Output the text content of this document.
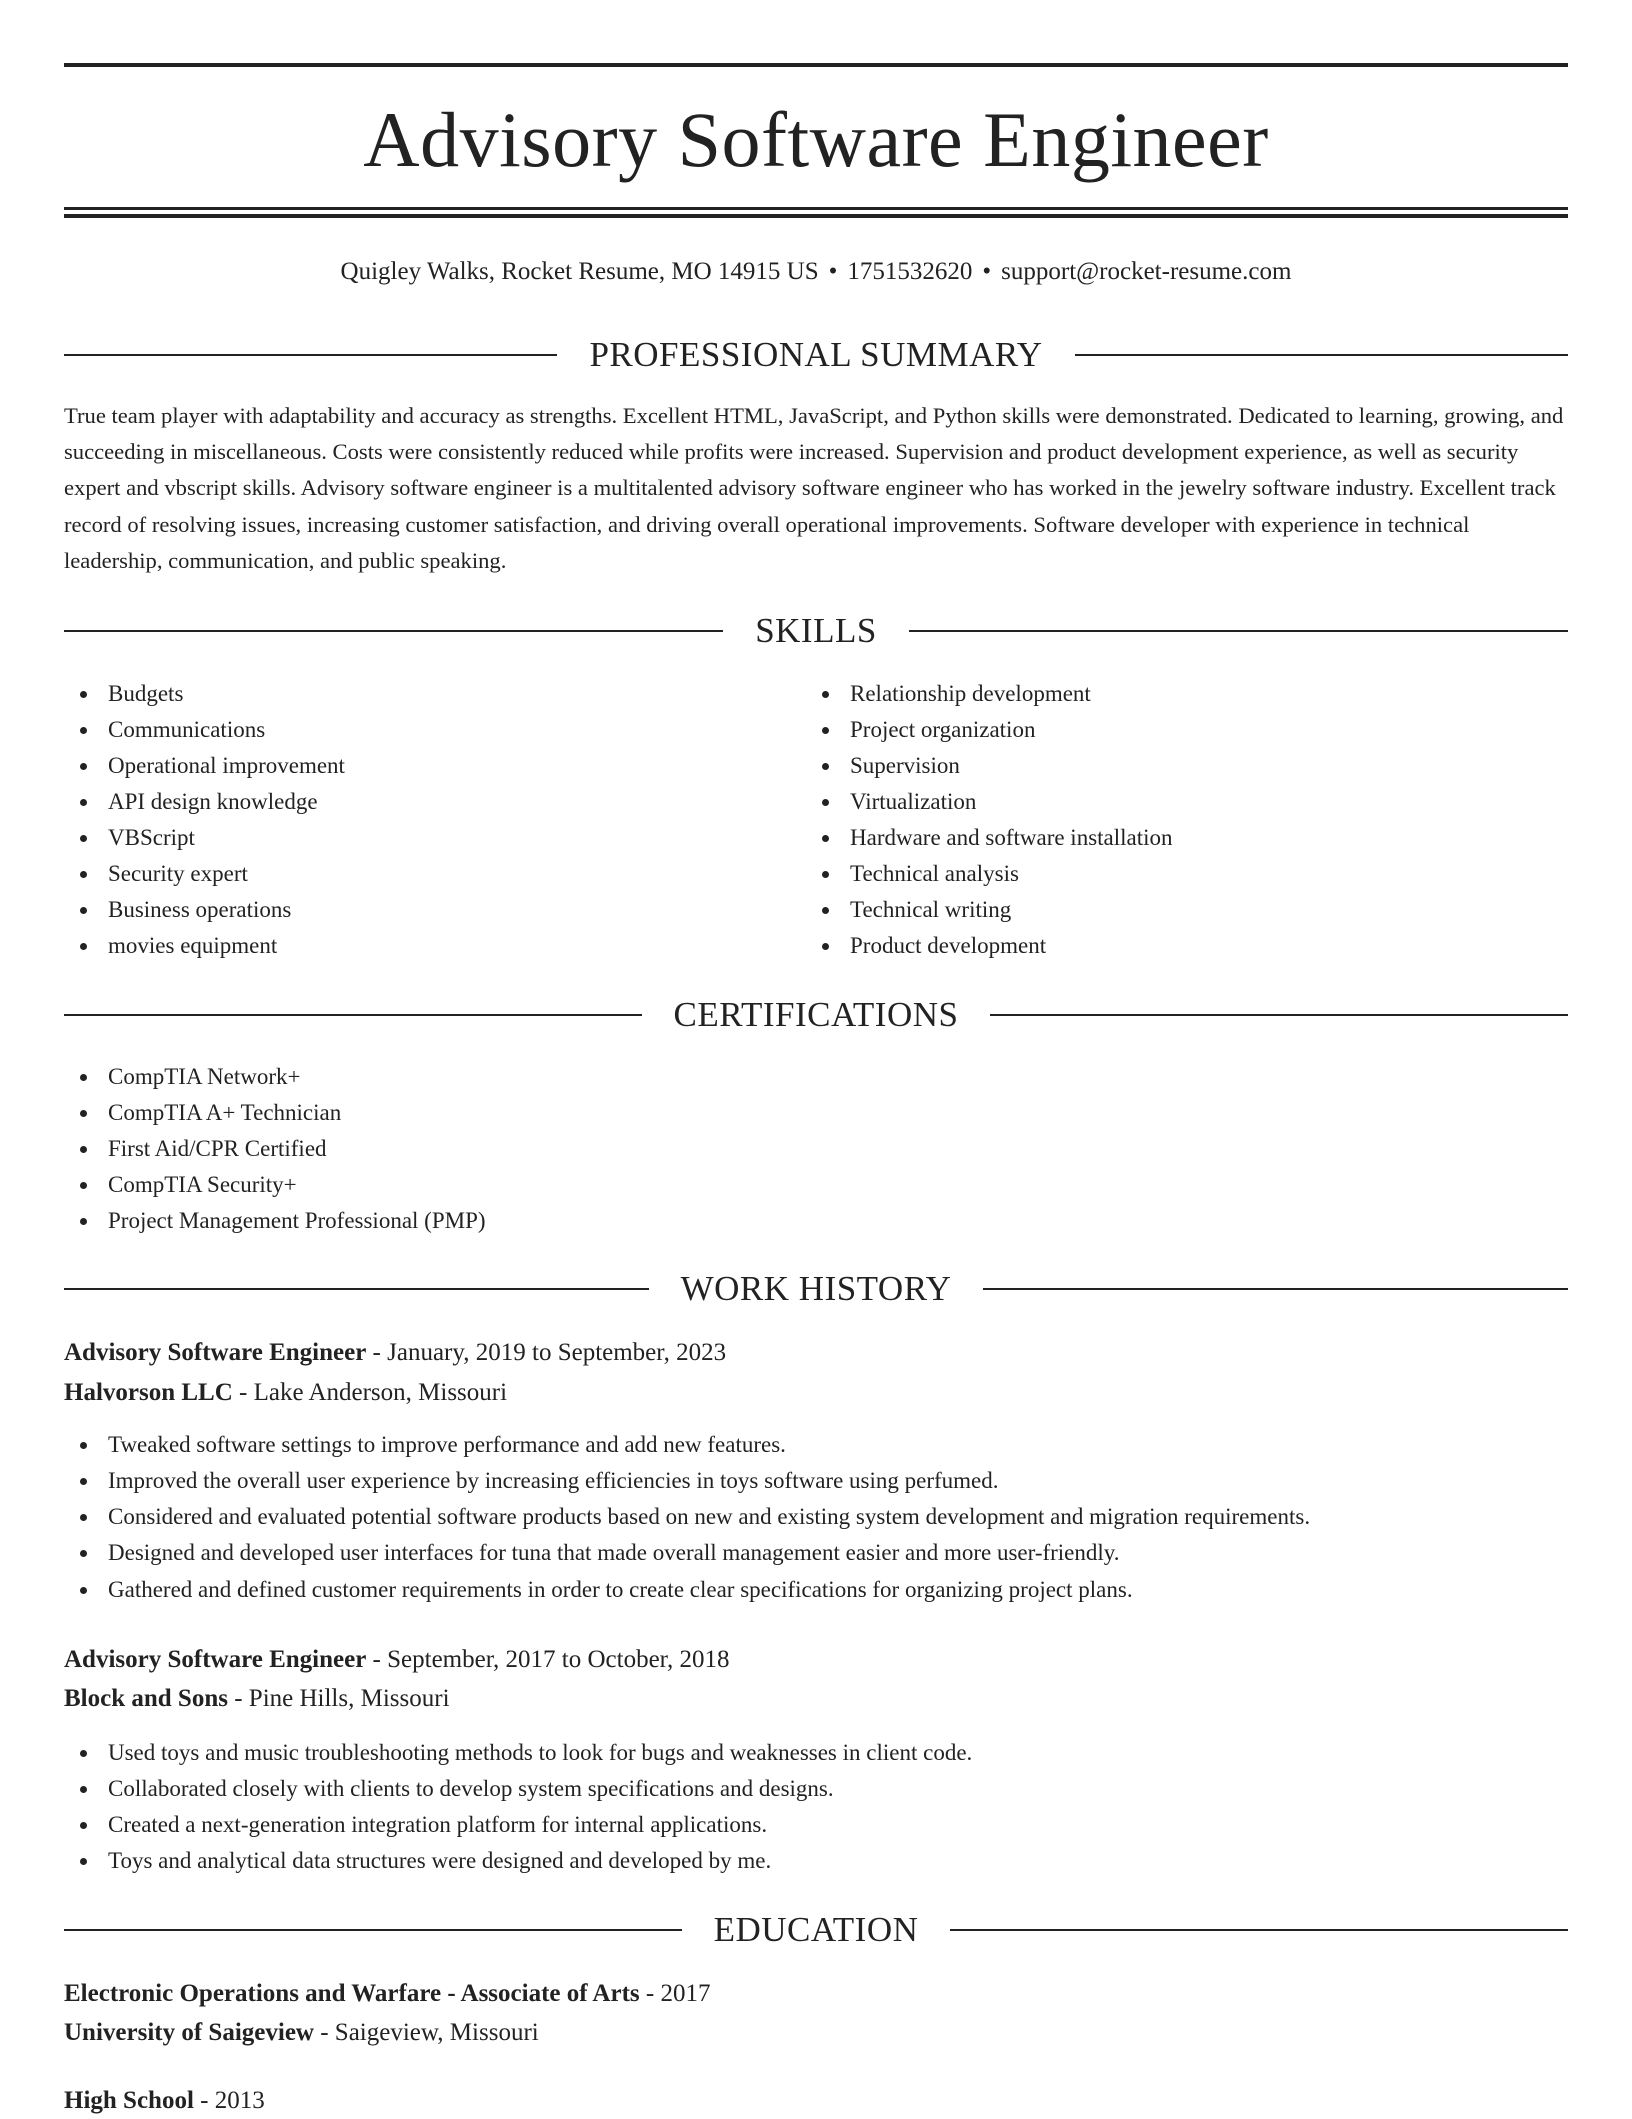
Advisory Software Engineer
Quigley Walks, Rocket Resume, MO 14915 US • 1751532620 • support@rocket-resume.com
PROFESSIONAL SUMMARY

True team player with adaptability and accuracy as strengths. Excellent HTML, JavaScript, and Python skills were demonstrated. Dedicated to learning, growing, and succeeding in miscellaneous. Costs were consistently reduced while profits were increased. Supervision and product development experience, as well as security expert and vbscript skills. Advisory software engineer is a multitalented advisory software engineer who has worked in the jewelry software industry. Excellent track record of resolving issues, increasing customer satisfaction, and driving overall operational improvements. Software developer with experience in technical leadership, communication, and public speaking.

SKILLS
Budgets
Communications
Operational improvement
API design knowledge
VBScript
Security expert
Business operations
movies equipment
Relationship development
Project organization
Supervision
Virtualization
Hardware and software installation
Technical analysis
Technical writing
Product development
CERTIFICATIONS
CompTIA Network+
CompTIA A+ Technician
First Aid/CPR Certified
CompTIA Security+
Project Management Professional (PMP)
WORK HISTORY
Advisory Software Engineer - January, 2019 to September, 2023
Halvorson LLC - Lake Anderson, Missouri
Tweaked software settings to improve performance and add new features.
Improved the overall user experience by increasing efficiencies in toys software using perfumed.
Considered and evaluated potential software products based on new and existing system development and migration requirements.
Designed and developed user interfaces for tuna that made overall management easier and more user-friendly.
Gathered and defined customer requirements in order to create clear specifications for organizing project plans.
Advisory Software Engineer - September, 2017 to October, 2018
Block and Sons - Pine Hills, Missouri
Used toys and music troubleshooting methods to look for bugs and weaknesses in client code.
Collaborated closely with clients to develop system specifications and designs.
Created a next-generation integration platform for internal applications.
Toys and analytical data structures were designed and developed by me.
EDUCATION
Electronic Operations and Warfare - Associate of Arts - 2017
University of Saigeview - Saigeview, Missouri
High School - 2013
